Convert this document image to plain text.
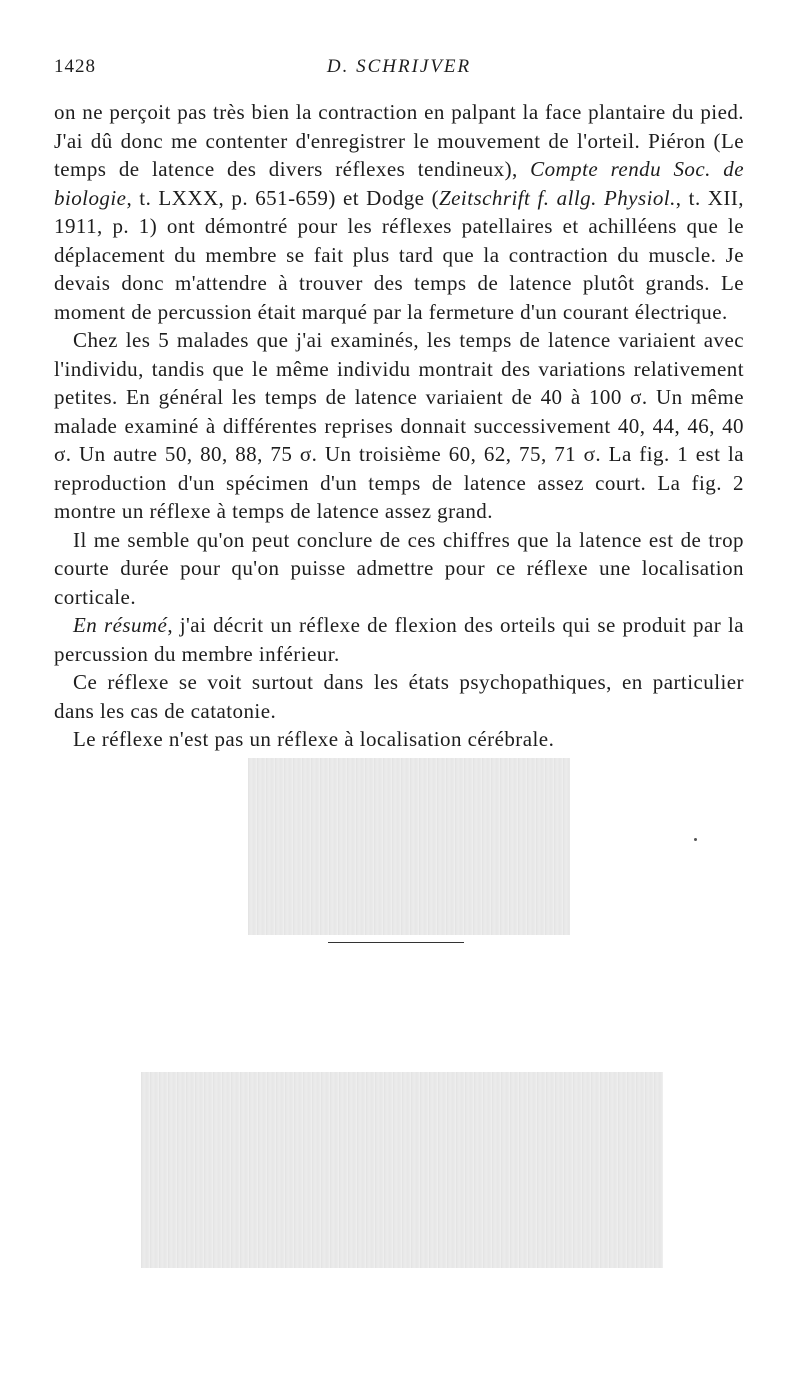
1428	D. SCHRIJVER

on ne perçoit pas très bien la contraction en palpant la face plantaire du pied. J'ai dû donc me contenter d'enregistrer le mouvement de l'orteil. Piéron (Le temps de latence des divers réflexes tendineux), Compte rendu Soc. de biologie, t. LXXX, p. 651-659) et Dodge (Zeitschrift f. allg. Physiol., t. XII, 1911, p. 1) ont démontré pour les réflexes patellaires et achilléens que le déplacement du membre se fait plus tard que la contraction du muscle. Je devais donc m'attendre à trouver des temps de latence plutôt grands. Le moment de percussion était marqué par la fermeture d'un courant électrique.

Chez les 5 malades que j'ai examinés, les temps de latence variaient avec l'individu, tandis que le même individu montrait des variations relativement petites. En général les temps de latence variaient de 40 à 100 σ. Un même malade examiné à différentes reprises donnait successivement 40, 44, 46, 40 σ. Un autre 50, 80, 88, 75 σ. Un troisième 60, 62, 75, 71 σ. La fig. 1 est la reproduction d'un spécimen d'un temps de latence assez court. La fig. 2 montre un réflexe à temps de latence assez grand.

Il me semble qu'on peut conclure de ces chiffres que la latence est de trop courte durée pour qu'on puisse admettre pour ce réflexe une localisation corticale.

En résumé, j'ai décrit un réflexe de flexion des orteils qui se produit par la percussion du membre inférieur.

Ce réflexe se voit surtout dans les états psychopathiques, en particulier dans les cas de catatonie.

Le réflexe n'est pas un réflexe à localisation cérébrale.
